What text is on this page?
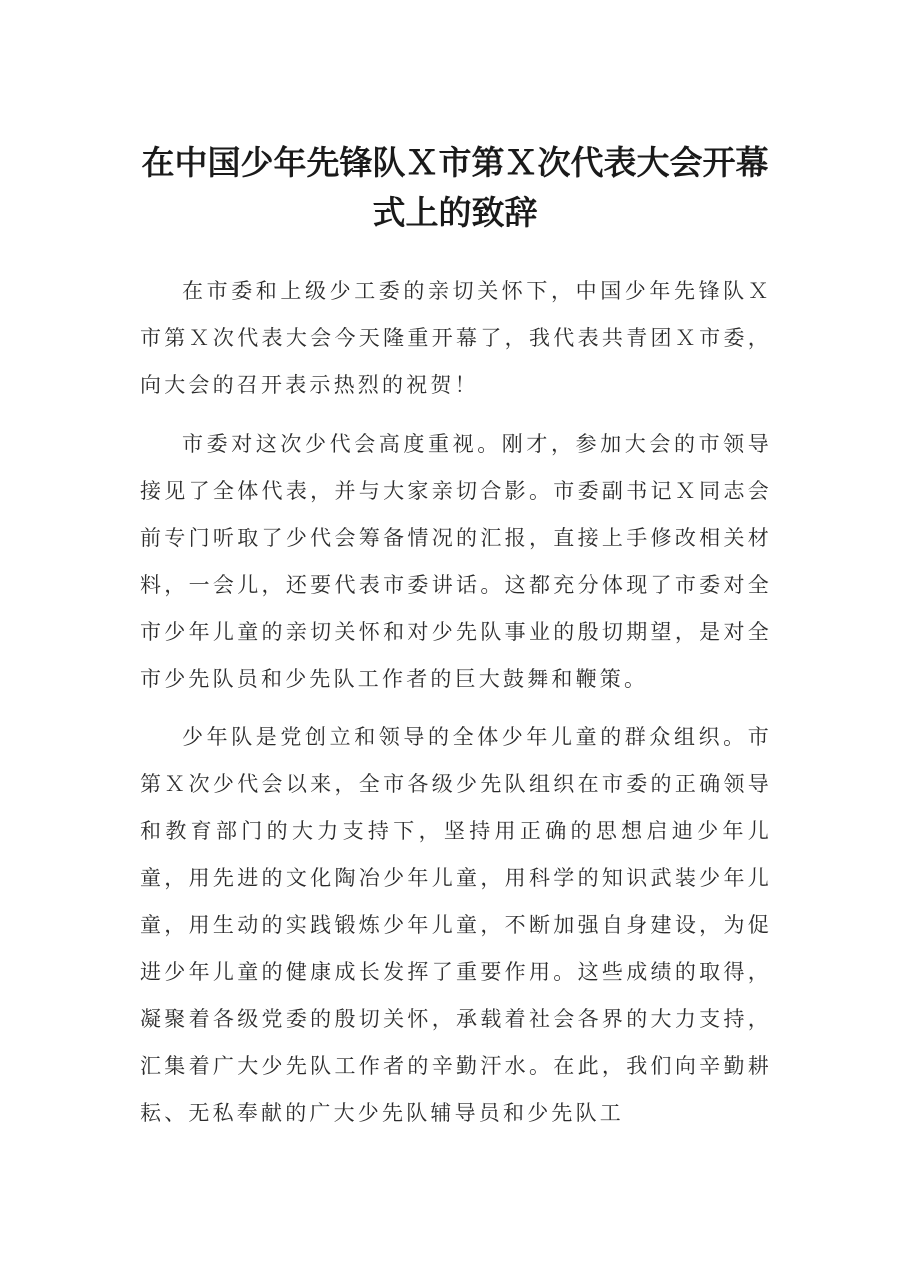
在中国少年先锋队Ｘ市第Ｘ次代表大会开幕式上的致辞

在市委和上级少工委的亲切关怀下，中国少年先锋队Ｘ市第Ｘ次代表大会今天隆重开幕了，我代表共青团Ｘ市委，向大会的召开表示热烈的祝贺！

市委对这次少代会高度重视。刚才，参加大会的市领导接见了全体代表，并与大家亲切合影。市委副书记Ｘ同志会前专门听取了少代会筹备情况的汇报，直接上手修改相关材料，一会儿，还要代表市委讲话。这都充分体现了市委对全市少年儿童的亲切关怀和对少先队事业的殷切期望，是对全市少先队员和少先队工作者的巨大鼓舞和鞭策。

少年队是党创立和领导的全体少年儿童的群众组织。市第Ｘ次少代会以来，全市各级少先队组织在市委的正确领导和教育部门的大力支持下，坚持用正确的思想启迪少年儿童，用先进的文化陶冶少年儿童，用科学的知识武装少年儿童，用生动的实践锻炼少年儿童，不断加强自身建设，为促进少年儿童的健康成长发挥了重要作用。这些成绩的取得，凝聚着各级党委的殷切关怀，承载着社会各界的大力支持，汇集着广大少先队工作者的辛勤汗水。在此，我们向辛勤耕耘、无私奉献的广大少先队辅导员和少先队工
